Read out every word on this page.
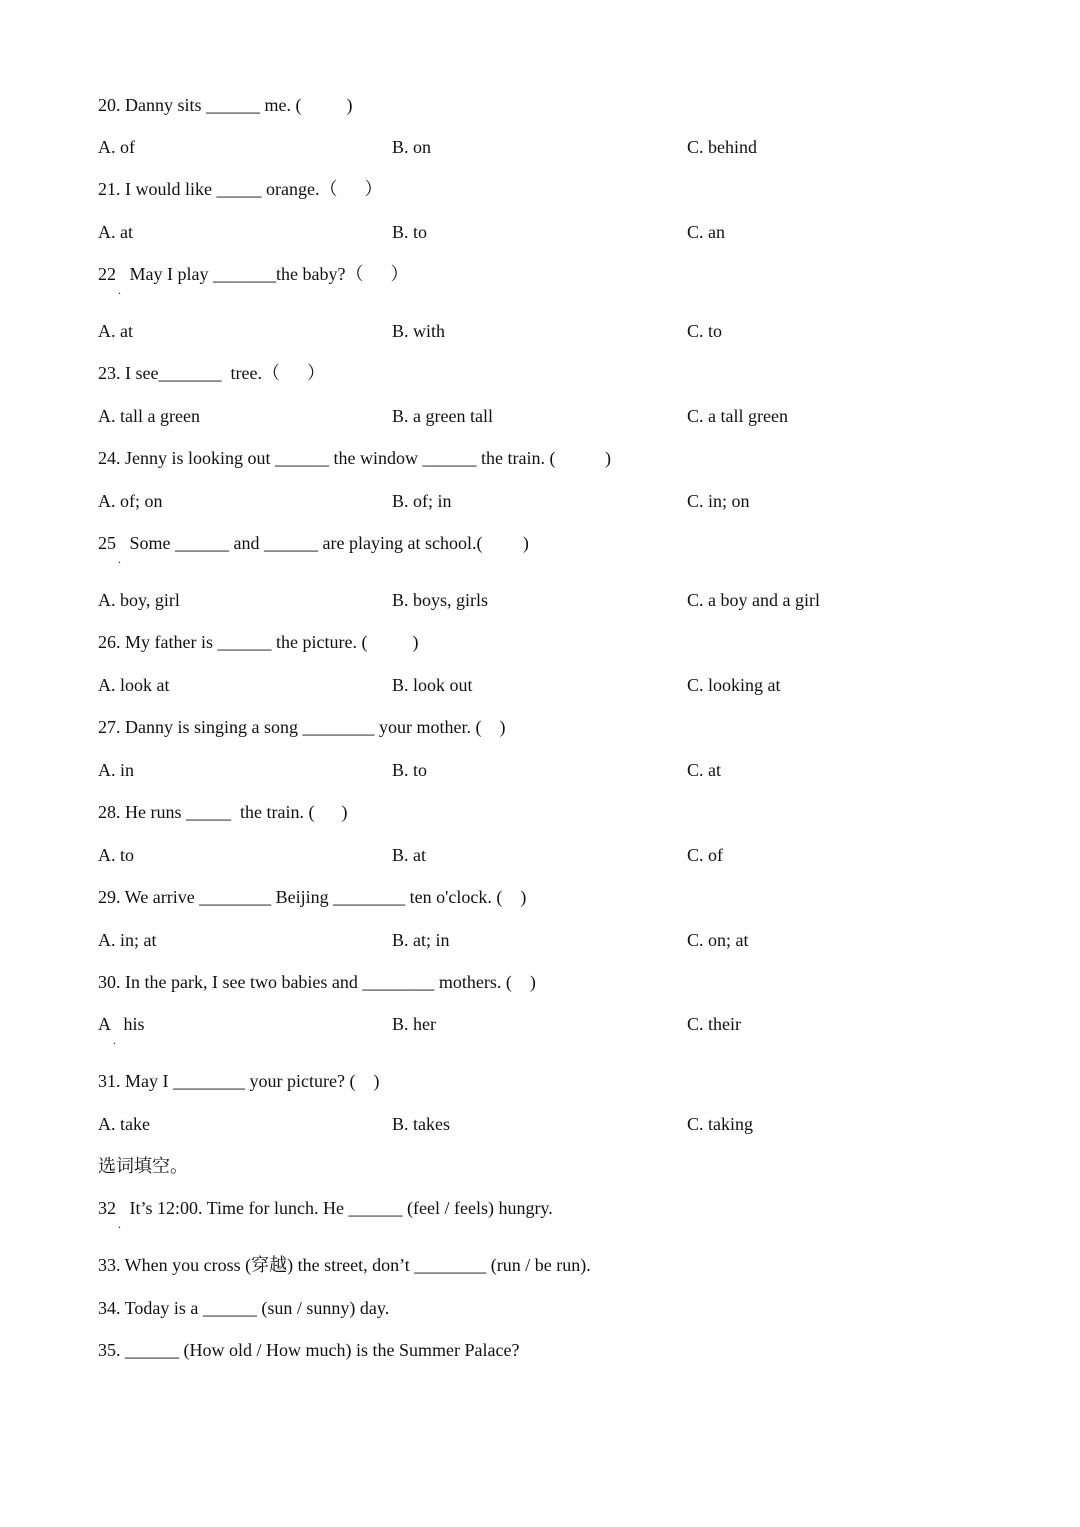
20. Danny sits ______ me. (          )
A. of	B. on	C. behind
21. I would like _____ orange.（      ）
A. at	B. to	C. an
22   May I play _______the baby?（      ）
.
A. at	B. with	C. to
23. I see_______  tree.（      ）
A. tall a green	B. a green tall	C. a tall green
24. Jenny is looking out ______ the window ______ the train. (           )
A. of; on	B. of; in	C. in; on
25   Some ______ and ______ are playing at school.(         )
.
A. boy, girl	B. boys, girls	C. a boy and a girl
26. My father is ______ the picture. (          )
A. look at	B. look out	C. looking at
27. Danny is singing a song ________ your mother. (    )
A. in	B. to	C. at
28. He runs _____  the train. (      )
A. to	B. at	C. of
29. We arrive ________ Beijing ________ ten o'clock. (    )
A. in; at	B. at; in	C. on; at
30. In the park, I see two babies and ________ mothers. (    )
A   his
.
B. her	C. their
31. May I ________ your picture? (    )
A. take	B. takes	C. taking
选词填空。
32   It’s 12:00. Time for lunch. He ______ (feel / feels) hungry.
.
33. When you cross (穿越) the street, don’t ________ (run / be run).
34. Today is a ______ (sun / sunny) day.
35. ______ (How old / How much) is the Summer Palace?
